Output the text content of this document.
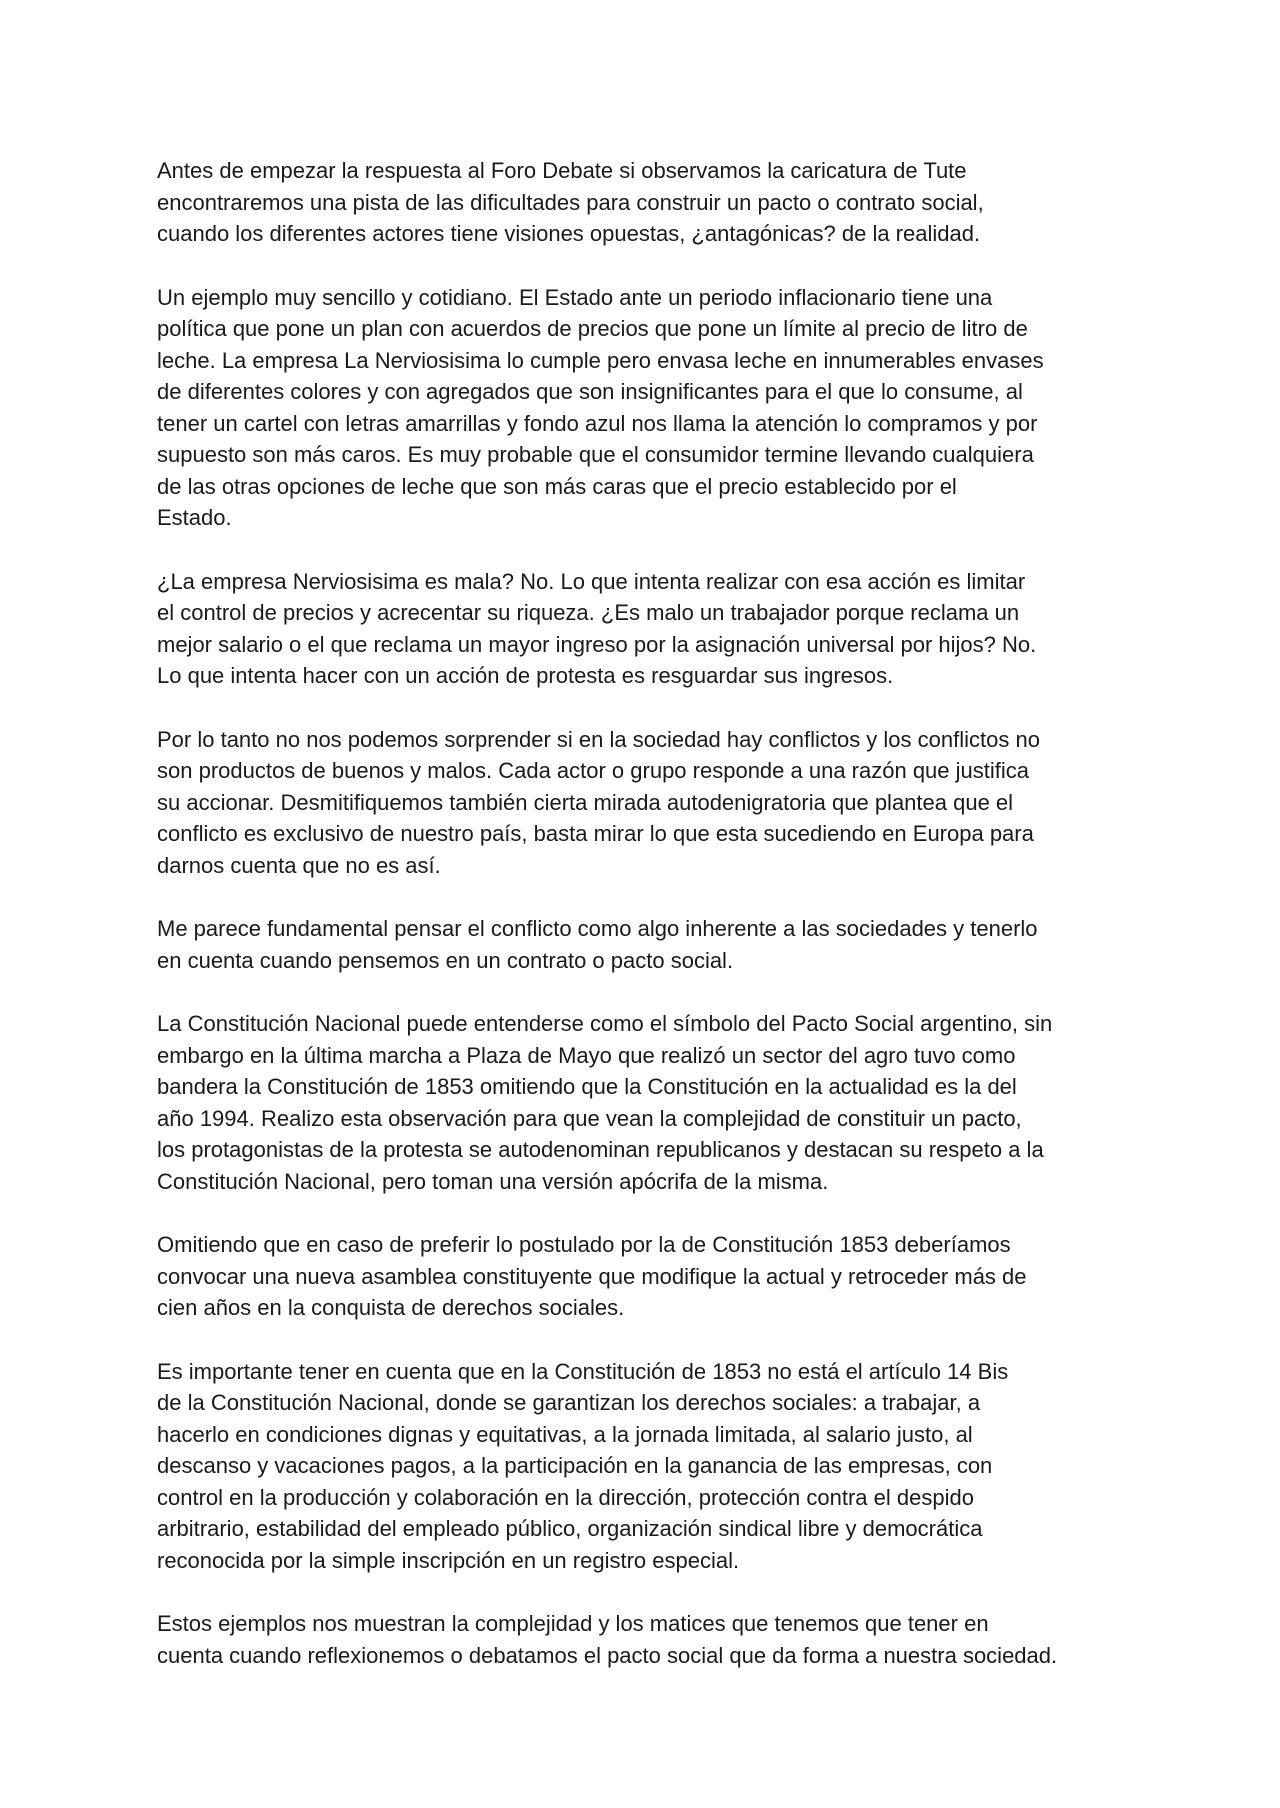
Antes de empezar la respuesta al Foro Debate si observamos la caricatura de Tute
encontraremos una pista de las dificultades para construir un pacto o contrato social,
cuando los diferentes actores tiene visiones opuestas, ¿antagónicas? de la realidad.

Un ejemplo muy sencillo y cotidiano. El Estado ante un periodo inflacionario tiene una
política que pone un plan con acuerdos de precios que pone un límite al precio de litro de
leche. La empresa La Nerviosisima lo cumple pero envasa leche en innumerables envases
de diferentes colores y con agregados que son insignificantes para el que lo consume, al
tener un cartel con letras amarrillas y fondo azul nos llama la atención lo compramos y por
supuesto son más caros. Es muy probable que el consumidor termine llevando cualquiera
de las otras opciones de leche que son más caras que el precio establecido por el
Estado.

¿La empresa Nerviosisima es mala? No. Lo que intenta realizar con esa acción es limitar
el control de precios y acrecentar su riqueza. ¿Es malo un trabajador porque reclama un
mejor salario o el que reclama un mayor ingreso por la asignación universal por hijos? No.
Lo que intenta hacer con un acción de protesta es resguardar sus ingresos.

Por lo tanto no nos podemos sorprender si en la sociedad hay conflictos y los conflictos no
son productos de buenos y malos. Cada actor o grupo responde a una razón que justifica
su accionar. Desmitifiquemos también cierta mirada autodenigratoria que plantea que el
conflicto es exclusivo de nuestro país, basta mirar lo que esta sucediendo en Europa para
darnos cuenta que no es así.

Me parece fundamental pensar el conflicto como algo inherente a las sociedades y tenerlo
en cuenta cuando pensemos en un contrato o pacto social.

La Constitución Nacional puede entenderse como el símbolo del Pacto Social argentino, sin
embargo en la última marcha a Plaza de Mayo que realizó un sector del agro tuvo como
bandera la Constitución de 1853 omitiendo que la Constitución en la actualidad es la del
año 1994. Realizo esta observación para que vean la complejidad de constituir un pacto,
los protagonistas de la protesta se autodenominan republicanos y destacan su respeto a la
Constitución Nacional, pero toman una versión apócrifa de la misma.

Omitiendo que en caso de preferir lo postulado por la de Constitución 1853 deberíamos
convocar una nueva asamblea constituyente que modifique la actual y retroceder más de
cien años en la conquista de derechos sociales.

Es importante tener en cuenta que en la Constitución de 1853 no está el artículo 14 Bis
de la Constitución Nacional, donde se garantizan los derechos sociales: a trabajar, a
hacerlo en condiciones dignas y equitativas, a la jornada limitada, al salario justo, al
descanso y vacaciones pagos, a la participación en la ganancia de las empresas, con
control en la producción y colaboración en la dirección, protección contra el despido
arbitrario, estabilidad del empleado público, organización sindical libre y democrática
reconocida por la simple inscripción en un registro especial.

Estos ejemplos nos muestran la complejidad y los matices que tenemos que tener en
cuenta cuando reflexionemos o debatamos el pacto social que da forma a nuestra sociedad.
